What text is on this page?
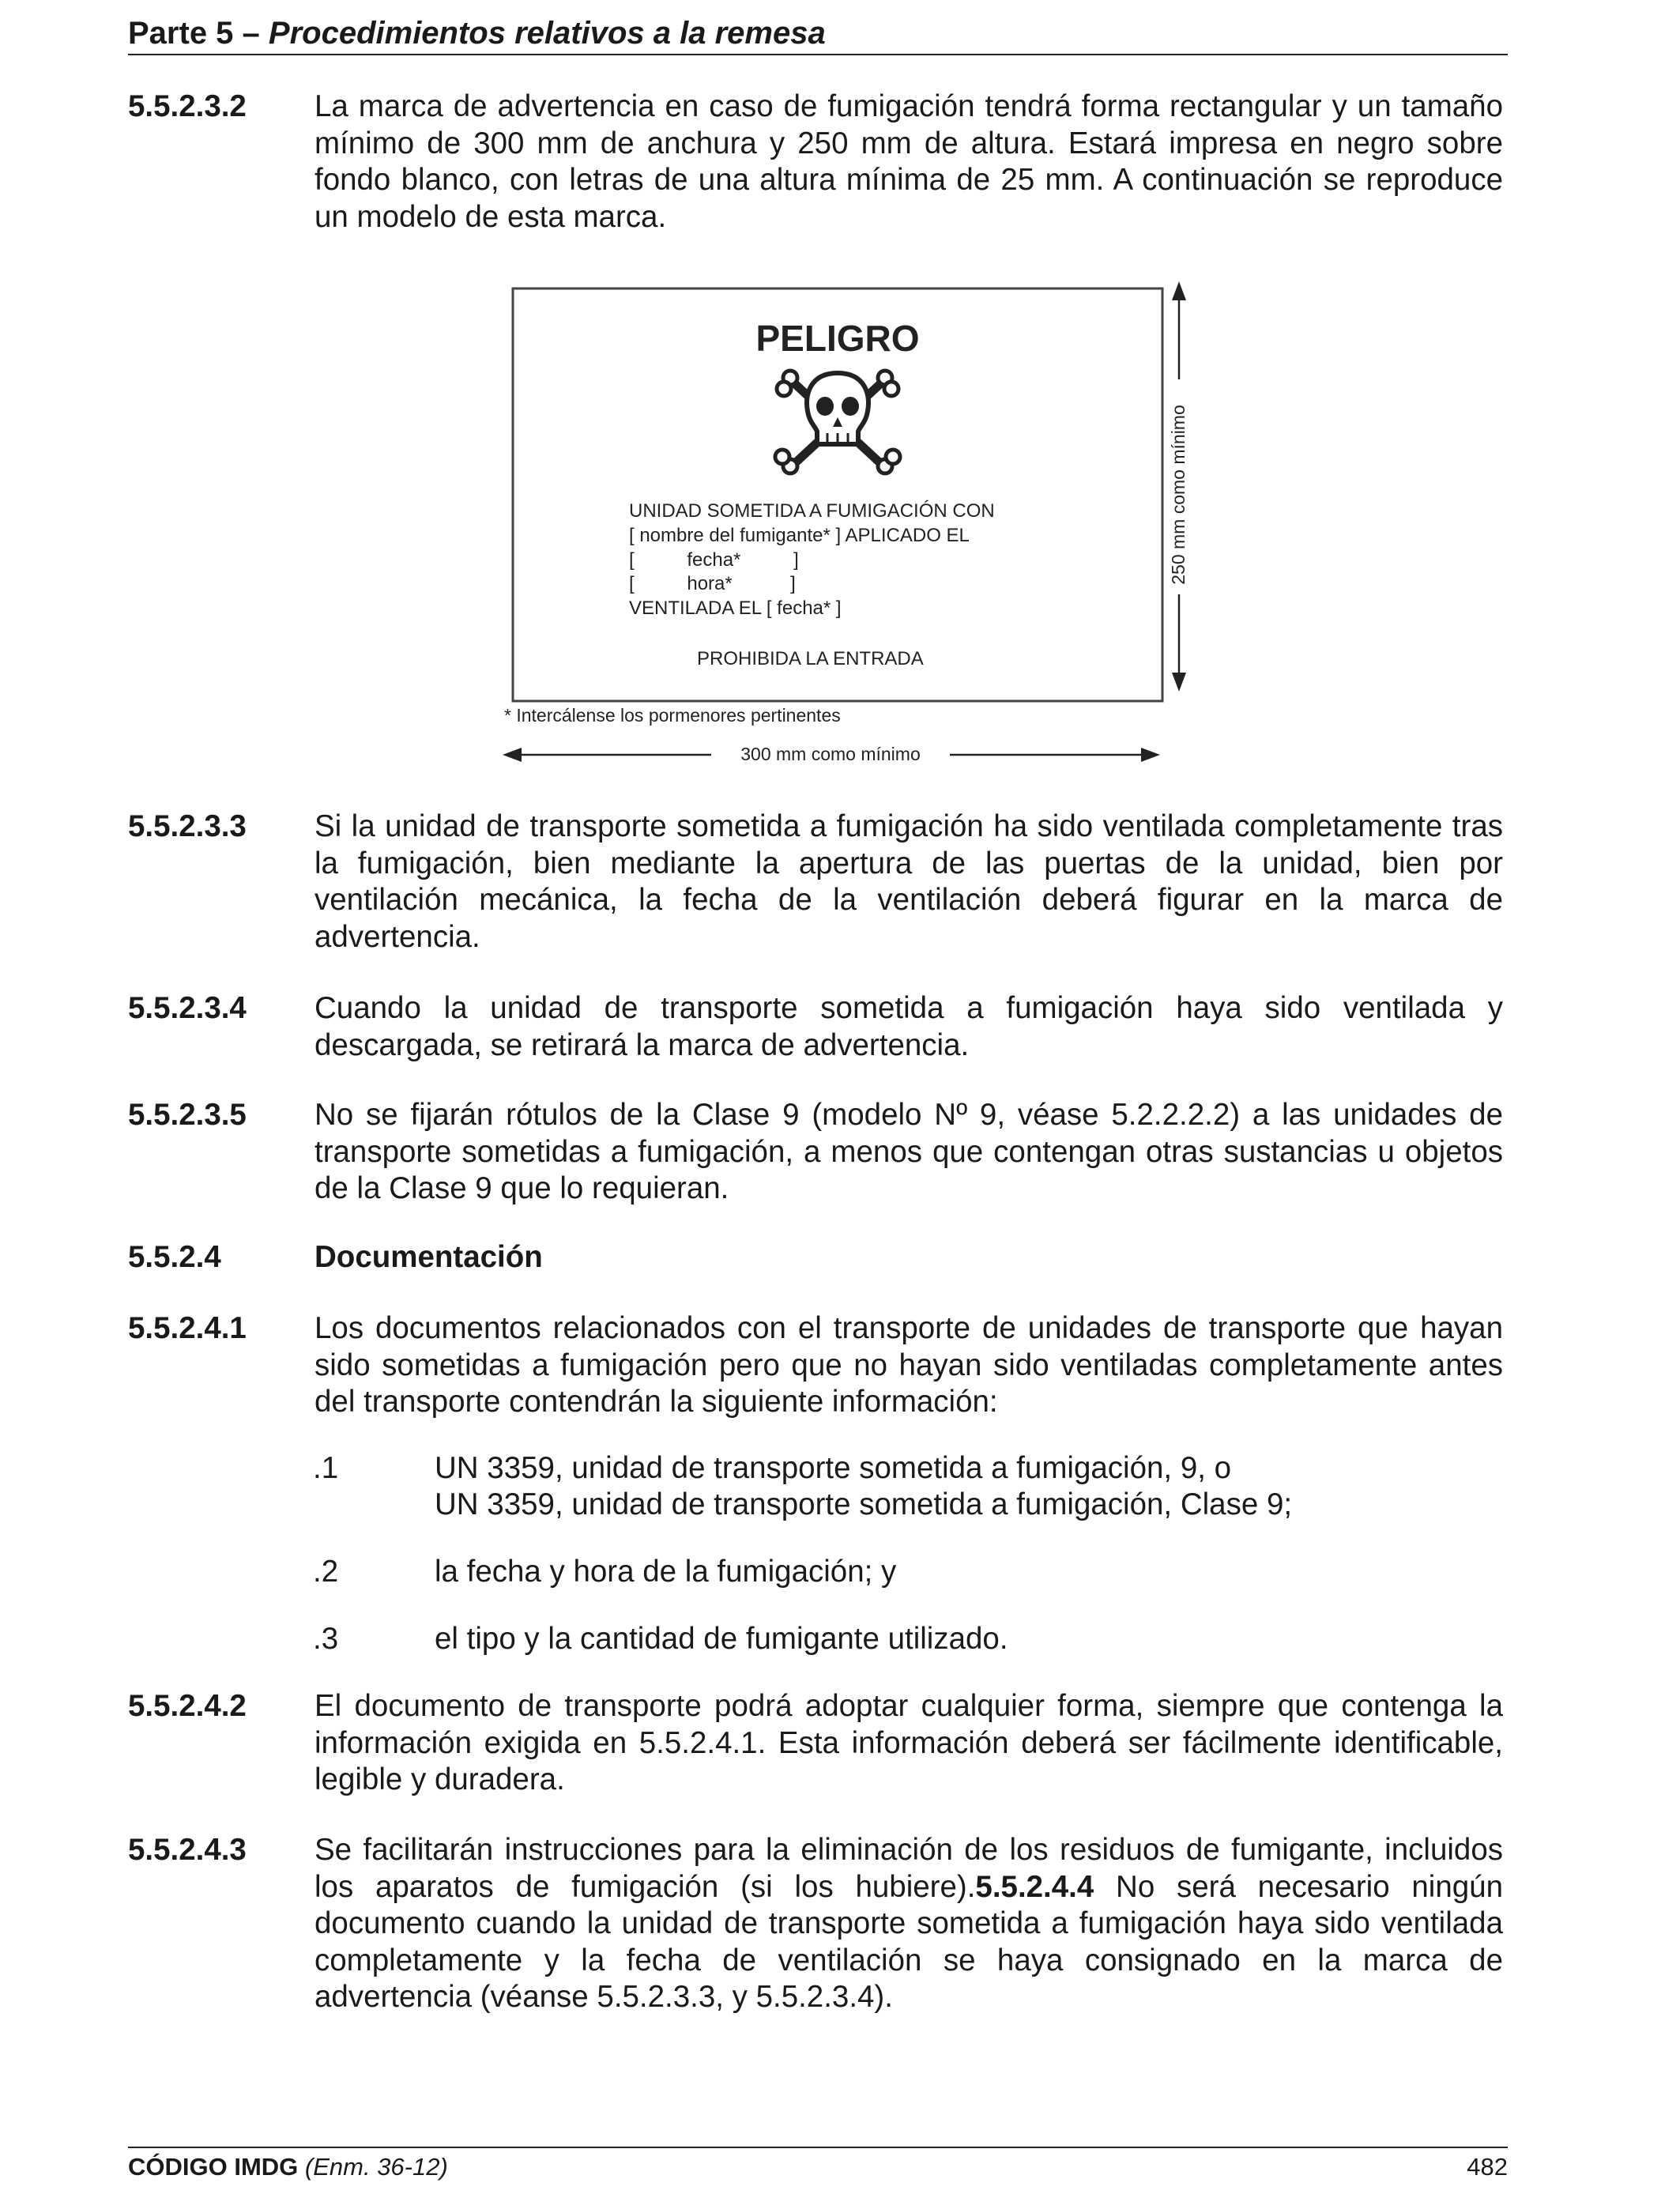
Parte 5 – Procedimientos relativos a la remesa
5.5.2.3.2 La marca de advertencia en caso de fumigación tendrá forma rectangular y un tamaño mínimo de 300 mm de anchura y 250 mm de altura. Estará impresa en negro sobre fondo blanco, con letras de una altura mínima de 25 mm. A continuación se reproduce un modelo de esta marca.
PELIGRO
UNIDAD SOMETIDA A FUMIGACIÓN CON
[ nombre del fumigante* ] APLICADO EL
[          fecha*          ]
[          hora*           ]
VENTILADA EL [ fecha* ]
PROHIBIDA LA ENTRADA
* Intercálense los pormenores pertinentes
300 mm como mínimo
250 mm como mínimo
5.5.2.3.3 Si la unidad de transporte sometida a fumigación ha sido ventilada completamente tras la fumigación, bien mediante la apertura de las puertas de la unidad, bien por ventilación mecánica, la fecha de la ventilación deberá figurar en la marca de advertencia.
5.5.2.3.4 Cuando la unidad de transporte sometida a fumigación haya sido ventilada y descargada, se retirará la marca de advertencia.
5.5.2.3.5 No se fijarán rótulos de la Clase 9 (modelo Nº 9, véase 5.2.2.2.2) a las unidades de transporte sometidas a fumigación, a menos que contengan otras sustancias u objetos de la Clase 9 que lo requieran.
5.5.2.4	Documentación
5.5.2.4.1 Los documentos relacionados con el transporte de unidades de transporte que hayan sido sometidas a fumigación pero que no hayan sido ventiladas completamente antes del transporte contendrán la siguiente información:
.1	UN 3359, unidad de transporte sometida a fumigación, 9, o
UN 3359, unidad de transporte sometida a fumigación, Clase 9;
.2	la fecha y hora de la fumigación; y
.3	el tipo y la cantidad de fumigante utilizado.
5.5.2.4.2 El documento de transporte podrá adoptar cualquier forma, siempre que contenga la información exigida en 5.5.2.4.1. Esta información deberá ser fácilmente identificable, legible y duradera.
5.5.2.4.3 Se facilitarán instrucciones para la eliminación de los residuos de fumigante, incluidos los aparatos de fumigación (si los hubiere).5.5.2.4.4 No será necesario ningún documento cuando la unidad de transporte sometida a fumigación haya sido ventilada completamente y la fecha de ventilación se haya consignado en la marca de advertencia (véanse 5.5.2.3.3, y 5.5.2.3.4).
CÓDIGO IMDG (Enm. 36-12)	482
